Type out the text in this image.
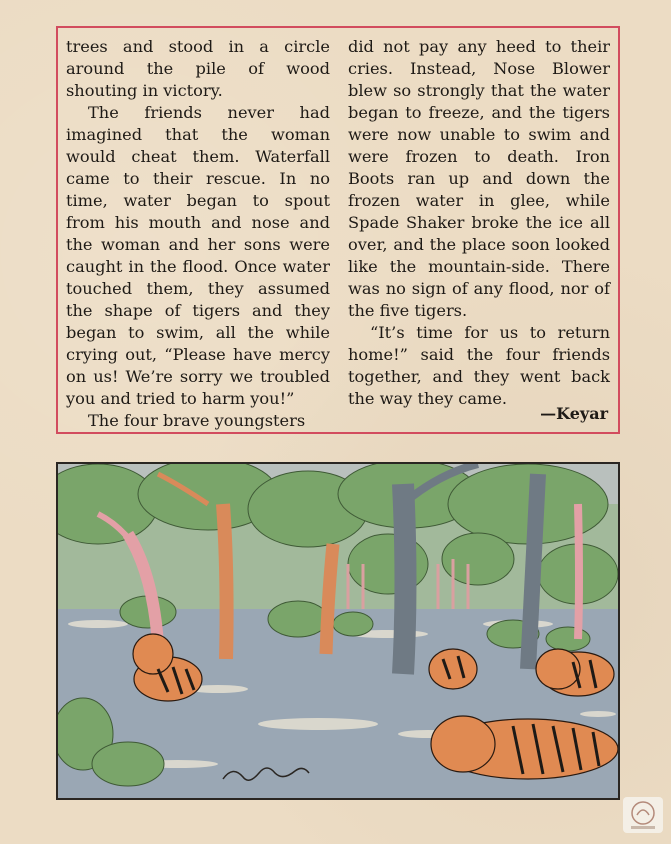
trees and stood in a circle around the pile of wood shouting in victory.

The friends never had imagined that the woman would cheat them. Waterfall came to their rescue. In no time, water began to spout from his mouth and nose and the woman and her sons were caught in the flood. Once water touched them, they assumed the shape of tigers and they began to swim, all the while crying out, “Please have mercy on us! We’re sorry we troubled you and tried to harm you!”

The four brave youngsters

did not pay any heed to their cries. Instead, Nose Blower blew so strongly that the water began to freeze, and the tigers were now unable to swim and were frozen to death. Iron Boots ran up and down the frozen water in glee, while Spade Shaker broke the ice all over, and the place soon looked like the mountain-side. There was no sign of any flood, nor of the five tigers.

“It’s time for us to return home!” said the four friends together, and they went back the way they came.

—Keyar
